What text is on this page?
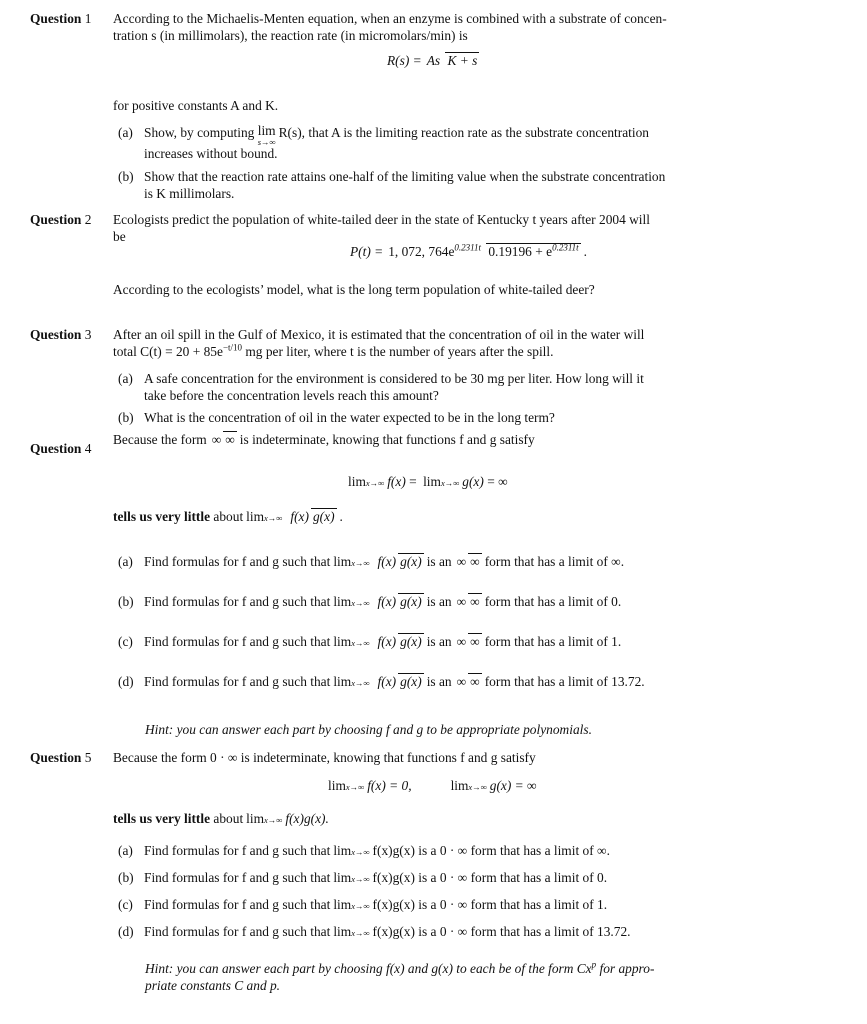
Question 1 According to the Michaelis-Menten equation, when an enzyme is combined with a substrate of concen-
tration s (in millimolars), the reaction rate (in micromolars/min) is
R(s) = As K + s
for positive constants A and K.
(a) Show, by computing lim
s→∞
R(s), that A is the limiting reaction rate as the substrate concentration
increases without bound.
(b) Show that the reaction rate attains one-half of the limiting value when the substrate concentration
is K millimolars.
Question 2 Ecologists predict the population of white-tailed deer in the state of Kentucky t years after 2004 will
be
P(t) = 1, 072, $764e^{0.2311t}$ $0.19196 + e^{0.2311t}$ .
According to the ecologists’ model, what is the long term population of white-tailed deer?
Question 3 After an oil spill in the Gulf of Mexico, it is estimated that the concentration of oil in the water will
total $C(t) = 20 + 85e^{-t/10}$ mg per liter, where t is the number of years after the spill.
(a) A safe concentration for the environment is considered to be 30 mg per liter. How long will it
take before the concentration levels reach this amount?
(b) What is the concentration of oil in the water expected to be in the long term?
Question 4
Because the form ∞ ∞ is indeterminate, knowing that functions f and g satisfy
limx→∞ f(x)
=
limx→∞ g(x)
= ∞
tells us very little
about limx→∞ f(x) g(x) .
(a) Find formulas for f and g such that limx→∞ f(x) g(x) is an ∞ ∞ form that has a limit of
∞.
(b) Find formulas for f and g such that limx→∞ f(x) g(x) is an ∞ ∞ form that has a limit of
0.
(c) Find formulas for f and g such that limx→∞ f(x) g(x) is an ∞ ∞ form that has a limit of
1.
(d) Find formulas for f and g such that limx→∞ f(x) g(x) is an ∞ ∞ form that has a limit of
13.72.
Hint: you can answer each part by choosing f and g to be appropriate polynomials.
Question 5 Because the form 0 · ∞ is indeterminate, knowing that functions f and g satisfy
limx→∞ f(x) = 0,	limx→∞ g(x) = ∞
tells us very little
about limx→∞ f(x)g(x).
(a) Find formulas for f and g such that limx→∞ f(x)g(x) is a 0 · ∞ form that has a limit of
∞.
(b) Find formulas for f and g such that limx→∞ f(x)g(x) is a 0 · ∞ form that has a limit of
0.
(c) Find formulas for f and g such that limx→∞ f(x)g(x) is a 0 · ∞ form that has a limit of
1.
(d) Find formulas for f and g such that limx→∞ f(x)g(x) is a 0 · ∞ form that has a limit of
13.72.
Hint: you can answer each part by choosing f(x) and g(x) to each be of the form Cx$^p$ for appro-
priate constants C and p.
